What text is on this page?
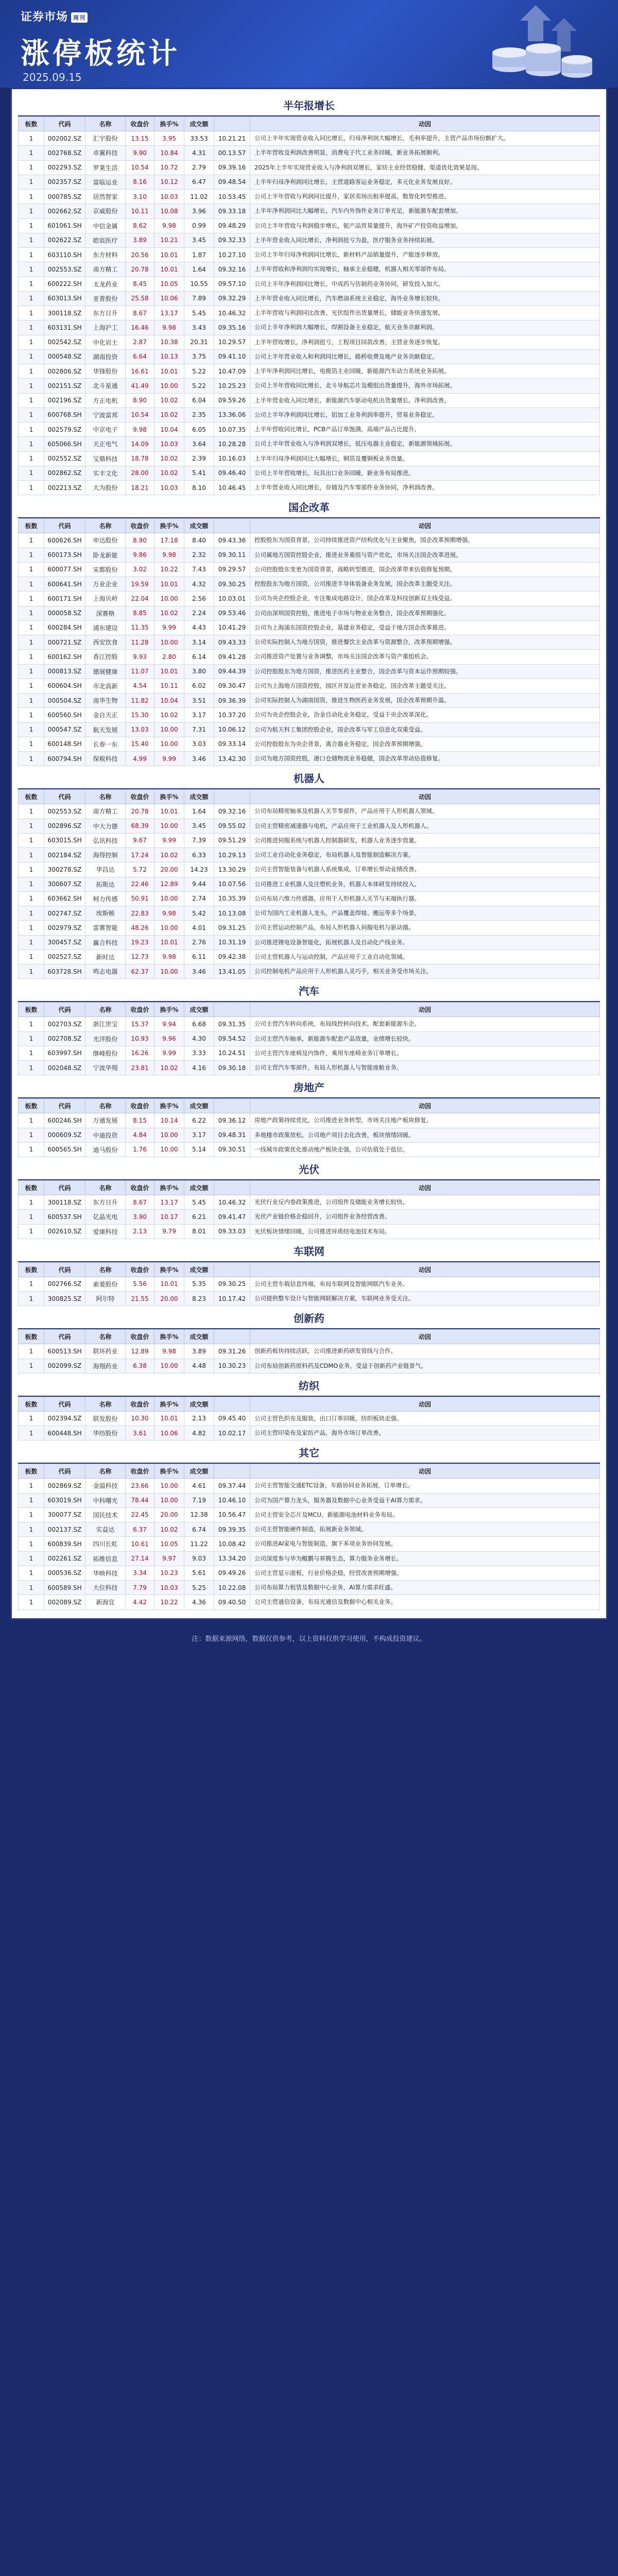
证券市场 周刊
涨停板统计
2025.09.15
半年报增长
板数	代码	名称	收盘价	换手%	成交额		动因
1	002002.SZ	汇宇股份	13.15	3.95	33.53	10.21.21	公司上半年实现营业收入同比增长，归母净利润大幅增长，毛利率提升，主营产品市场份额扩大。
1	002768.SZ	卓翼科技	9.90	10.84	4.31	00.13.57	上半年营收及利润改善明显，消费电子代工业务回暖，新业务拓展顺利。
1	002293.SZ	罗莱生活	10.54	10.72	2.79	09.39.16	2025年上半年实现营业收入与净利润双增长，家纺主业经营稳健，渠道优化效果显现。
1	002357.SZ	富临运业	8.16	10.12	6.47	09.48.54	上半年归母净利润同比增长，主营道路客运业务稳定，多元化业务发展良好。
1	000785.SZ	居然智家	3.10	10.03	11.02	10.53.45	公司上半年营收与利润同比提升，家居卖场出租率提高，数智化转型推进。
1	002662.SZ	京威股份	10.11	10.08	3.96	09.33.18	上半年净利润同比大幅增长，汽车内外饰件业务订单充足，新能源车配套增加。
1	601061.SH	中信金属	8.62	9.98	0.99	09.48.29	公司上半年营收与利润稳步增长，铌产品贸易量提升，海外矿产投资收益增加。
1	002622.SZ	皓宸医疗	3.89	10.21	3.45	09.32.33	上半年营业收入同比增长，净利润扭亏为盈，医疗服务业务持续拓展。
1	603110.SH	东方材料	20.56	10.01	1.87	10.27.10	公司上半年归母净利润同比增长，新材料产品销量提升，产能逐步释放。
1	002553.SZ	南方精工	20.78	10.01	1.64	09.32.16	上半年营收和净利润均实现增长，轴承主业稳健，机器人相关零部件布局。
1	600222.SH	太龙药业	8.45	10.05	10.55	09.57.10	公司上半年净利润同比增长，中成药与仿制药业务协同，研发投入加大。
1	603013.SH	亚普股份	25.58	10.06	7.89	09.32.29	上半年营业收入同比增长，汽车燃油系统主业稳定，海外业务增长较快。
1	300118.SZ	东方日升	8.67	13.17	5.45	10.46.32	上半年营收与利润同比改善，光伏组件出货量增长，储能业务快速发展。
1	603131.SH	上海沪工	16.46	9.98	3.43	09.35.16	公司上半年净利润大幅增长，焊割设备主业稳定，航天业务贡献利润。
1	002542.SZ	中化岩土	2.87	10.38	20.31	10.29.57	上半年营收增长，净利润扭亏，工程项目回款改善，主营业务逐步恢复。
1	000548.SZ	湖南投资	6.64	10.13	3.75	09.41.10	公司上半年营业收入和利润同比增长，路桥收费及地产业务贡献稳定。
1	002806.SZ	华锋股份	16.61	10.01	5.22	10.47.09	上半年净利润同比增长，电极箔主业回暖，新能源汽车动力系统业务拓展。
1	002151.SZ	北斗星通	41.49	10.00	5.22	10.25.23	公司上半年营收同比增长，北斗导航芯片及模组出货量提升，海外市场拓展。
1	002196.SZ	方正电机	8.90	10.02	6.04	09.59.26	上半年营业收入同比增长，新能源汽车驱动电机出货量增长，净利润改善。
1	600768.SH	宁波富邦	10.54	10.02	2.35	13.36.06	公司上半年净利润同比增长，铝加工业务利润率提升，贸易业务稳定。
1	002579.SZ	中京电子	9.98	10.04	6.05	10.07.35	上半年营收同比增长，PCB产品订单饱满，高端产品占比提升。
1	605066.SH	天正电气	14.09	10.03	3.64	10.28.28	公司上半年营业收入与净利润双增长，低压电器主业稳定，新能源领域拓展。
1	002552.SZ	宝鼎科技	18.78	10.02	2.39	10.16.03	上半年归母净利润同比大幅增长，铜箔及覆铜板业务放量。
1	002862.SZ	实丰文化	28.00	10.02	5.41	09.46.40	公司上半年营收增长，玩具出口业务回暖，新业务布局推进。
1	002213.SZ	大为股份	18.21	10.03	8.10	10.46.45	上半年营业收入同比增长，存储及汽车零部件业务协同，净利润改善。
国企改革
板数	代码	名称	收盘价	换手%	成交额		动因
1	600626.SH	申达股份	8.90	17.18	8.40	09.43.36	控股股东为国资背景，公司持续推进资产结构优化与主业聚焦，国企改革预期增强。
1	600173.SH	卧龙新能	9.86	9.98	2.32	09.30.11	公司属地方国资控股企业，推进业务重组与资产优化，市场关注国企改革进展。
1	600077.SH	宋都股份	3.02	10.22	7.43	09.29.57	公司控股股东变更为国资背景，战略转型推进，国企改革带来估值修复预期。
1	600641.SH	万业企业	19.59	10.01	4.32	09.30.25	控股股东为地方国资，公司推进半导体装备业务发展，国企改革主题受关注。
1	600171.SH	上海贝岭	22.04	10.00	2.56	10.03.01	公司为央企控股企业，专注集成电路设计，国企改革及科技创新双主线受益。
1	000058.SZ	深赛格	8.85	10.02	2.24	09.53.46	公司由深圳国资控股，推进电子市场与物业业务整合，国企改革预期强化。
1	600284.SH	浦东建设	11.35	9.99	4.43	10.41.29	公司为上海浦东国资控股企业，基建业务稳定，受益于地方国企改革推进。
1	000721.SZ	西安饮食	11.28	10.00	3.14	09.43.33	公司实际控制人为地方国资，推进餐饮主业改革与资源整合，改革预期增强。
1	600162.SH	香江控股	9.93	2.80	6.14	09.41.28	公司推进资产处置与业务调整，市场关注国企改革与资产重组机会。
1	000813.SZ	德展健康	11.07	10.01	3.80	09.44.39	公司控股股东为地方国资，推进医药主业整合，国企改革与资本运作预期较强。
1	600604.SH	市北高新	4.54	10.11	6.02	09.30.47	公司为上海地方国资控股，园区开发运营业务稳定，国企改革主题受关注。
1	000504.SZ	南华生物	11.82	10.04	3.51	09.36.39	公司实际控制人为湖南国资，推进生物医药业务发展，国企改革预期升温。
1	600560.SH	金自天正	15.30	10.02	3.17	10.37.20	公司为央企控股企业，冶金自动化业务稳定，受益于央企改革深化。
1	000547.SZ	航天发展	13.03	10.00	7.31	10.06.12	公司为航天科工集团控股企业，国企改革与军工信息化双重受益。
1	600148.SH	长春一东	15.40	10.00	3.03	09.33.14	公司控股股东为央企背景，离合器业务稳定，国企改革预期增强。
1	600794.SH	保税科技	4.99	9.99	3.46	13.42.30	公司为地方国资控股，港口仓储物流业务稳健，国企改革带动估值修复。
机器人
板数	代码	名称	收盘价	换手%	成交额		动因
1	002553.SZ	南方精工	20.78	10.01	1.64	09.32.16	公司布局精密轴承及机器人关节零部件，产品应用于人形机器人领域。
1	002896.SZ	中大力德	68.39	10.00	3.45	09.55.02	公司主营精密减速器与电机，产品应用于工业机器人及人形机器人。
1	603015.SH	弘讯科技	9.67	9.99	7.39	09.51.29	公司推进伺服系统与机器人控制器研发，机器人业务逐步放量。
1	002184.SZ	海得控制	17.24	10.02	6.33	10.29.13	公司工业自动化业务稳定，布局机器人及智能制造解决方案。
1	300278.SZ	华昌达	5.72	20.00	14.23	13.30.29	公司主营智能装备与机器人系统集成，订单增长带动业绩改善。
1	300607.SZ	拓斯达	22.46	12.89	9.44	10.07.56	公司推进工业机器人及注塑机业务，机器人本体研发持续投入。
1	603662.SH	柯力传感	50.91	10.00	2.74	10.35.39	公司布局六维力传感器，应用于人形机器人关节与末端执行器。
1	002747.SZ	埃斯顿	22.83	9.98	5.42	10.13.08	公司为国内工业机器人龙头，产品覆盖焊接、搬运等多个场景。
1	002979.SZ	雷赛智能	48.26	10.00	4.01	09.31.25	公司主营运动控制产品，布局人形机器人伺服电机与驱动器。
1	300457.SZ	赢合科技	19.23	10.01	2.76	10.31.19	公司推进锂电设备智能化，拓展机器人及自动化产线业务。
1	002527.SZ	新时达	12.73	9.98	6.11	09.42.38	公司主营机器人与运动控制，产品应用于工业自动化领域。
1	603728.SH	鸣志电器	62.37	10.00	3.46	13.41.05	公司控制电机产品应用于人形机器人灵巧手，相关业务受市场关注。
汽车
板数	代码	名称	收盘价	换手%	成交额		动因
1	002703.SZ	浙江世宝	15.37	9.94	6.68	09.31.35	公司主营汽车转向系统，布局线控转向技术，配套新能源车企。
1	002708.SZ	光洋股份	10.93	9.96	4.30	09.54.52	公司主营汽车轴承，新能源车配套产品放量，业绩增长较快。
1	603997.SH	继峰股份	16.26	9.99	3.33	10.24.51	公司主营汽车座椅及内饰件，乘用车座椅业务订单增长。
1	002048.SZ	宁波华翔	23.81	10.02	4.16	09.30.18	公司主营汽车零部件，布局人形机器人与智能座舱业务。
房地产
板数	代码	名称	收盘价	换手%	成交额		动因
1	600246.SH	万通发展	8.15	10.14	6.22	09.36.12	房地产政策持续优化，公司推进业务转型，市场关注地产板块修复。
1	000609.SZ	中迪投资	4.84	10.00	3.17	09.48.31	多地楼市政策放松，公司地产项目去化改善，板块情绪回暖。
1	600565.SH	迪马股份	1.76	10.00	5.14	09.30.51	一线城市政策优化推动地产板块走强，公司估值处于低位。
光伏
板数	代码	名称	收盘价	换手%	成交额		动因
1	300118.SZ	东方日升	8.67	13.17	5.45	10.46.32	光伏行业反内卷政策推进，公司组件及储能业务增长较快。
1	600537.SH	亿晶光电	3.90	10.17	6.21	09.41.47	光伏产业链价格企稳回升，公司组件业务经营改善。
1	002610.SZ	爱康科技	2.13	9.79	8.01	09.33.03	光伏板块情绪回暖，公司推进异质结电池技术布局。
车联网
板数	代码	名称	收盘价	换手%	成交额		动因
1	002766.SZ	索菱股份	5.56	10.01	5.35	09.30.25	公司主营车载信息终端，布局车联网及智能网联汽车业务。
1	300825.SZ	阿尔特	21.55	20.00	8.23	10.17.42	公司提供整车设计与智能网联解决方案，车联网业务受关注。
创新药
板数	代码	名称	收盘价	换手%	成交额		动因
1	600513.SH	联环药业	12.89	9.98	3.89	09.31.26	创新药板块持续活跃，公司推进新药研发管线与合作。
1	002099.SZ	海翔药业	6.38	10.00	4.48	10.30.23	公司布局创新药原料药及CDMO业务，受益于创新药产业链景气。
纺织
板数	代码	名称	收盘价	换手%	成交额		动因
1	002394.SZ	联发股份	10.30	10.01	2.13	09.45.40	公司主营色织布及服装，出口订单回暖，纺织板块走强。
1	600448.SH	华纺股份	3.61	10.06	4.82	10.02.17	公司主营印染布及家纺产品，海外市场订单改善。
其它
板数	代码	名称	收盘价	换手%	成交额		动因
1	002869.SZ	金溢科技	23.66	10.00	4.61	09.37.44	公司主营智能交通ETC设备，车路协同业务拓展，订单增长。
1	603019.SH	中科曙光	78.44	10.00	7.19	10.46.10	公司为国产算力龙头，服务器及数据中心业务受益于AI算力需求。
1	300077.SZ	国民技术	22.45	20.00	12.38	10.56.47	公司主营安全芯片及MCU，新能源电池材料业务布局。
1	002137.SZ	实益达	6.37	10.02	6.74	09.39.35	公司主营智能硬件制造，拓展新业务领域。
1	600839.SH	四川长虹	10.61	10.05	11.22	10.08.42	公司推进AI家电与智能制造，旗下多项业务协同发展。
1	002261.SZ	拓维信息	27.14	9.97	9.03	13.34.20	公司深度参与华为鲲鹏与昇腾生态，算力服务业务增长。
1	000536.SZ	华映科技	3.34	10.23	5.61	09.49.26	公司主营显示面板，行业价格企稳，经营改善预期增强。
1	600589.SH	大位科技	7.79	10.03	5.25	10.22.08	公司布局算力租赁及数据中心业务，AI算力需求旺盛。
1	002089.SZ	新海宜	4.42	10.22	4.36	09.40.50	公司主营通信设备，布局光通信及数据中心相关业务。
注：数据来源网络，数据仅供参考，以上资料仅供学习使用，不构成投资建议。
